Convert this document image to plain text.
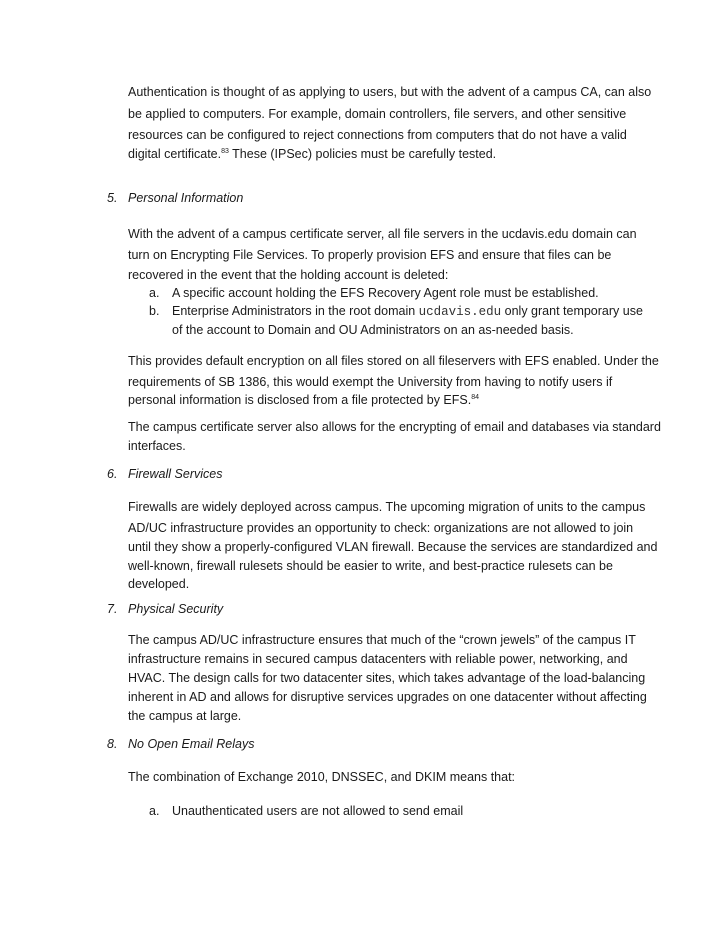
Authentication is thought of as applying to users, but with the advent of a campus CA, can also
be applied to computers. For example, domain controllers, file servers, and other sensitive
resources can be configured to reject connections from computers that do not have a valid
digital certificate.$^{83}$ These (IPSec) policies must be carefully tested.
5. Personal Information
With the advent of a campus certificate server, all file servers in the ucdavis.edu domain can
turn on Encrypting File Services. To properly provision EFS and ensure that files can be
recovered in the event that the holding account is deleted:
a. A specific account holding the EFS Recovery Agent role must be established.
b. Enterprise Administrators in the root domain ucdavis.edu only grant temporary use
of the account to Domain and OU Administrators on an as-needed basis.
This provides default encryption on all files stored on all fileservers with EFS enabled. Under the
requirements of SB 1386, this would exempt the University from having to notify users if
personal information is disclosed from a file protected by EFS.$^{84}$
The campus certificate server also allows for the encrypting of email and databases via standard
interfaces.
6. Firewall Services
Firewalls are widely deployed across campus. The upcoming migration of units to the campus
AD/UC infrastructure provides an opportunity to check: organizations are not allowed to join
until they show a properly-configured VLAN firewall. Because the services are standardized and
well-known, firewall rulesets should be easier to write, and best-practice rulesets can be
developed.
7. Physical Security
The campus AD/UC infrastructure ensures that much of the “crown jewels” of the campus IT
infrastructure remains in secured campus datacenters with reliable power, networking, and
HVAC. The design calls for two datacenter sites, which takes advantage of the load-balancing
inherent in AD and allows for disruptive services upgrades on one datacenter without affecting
the campus at large.
8. No Open Email Relays
The combination of Exchange 2010, DNSSEC, and DKIM means that:
a. Unauthenticated users are not allowed to send email
